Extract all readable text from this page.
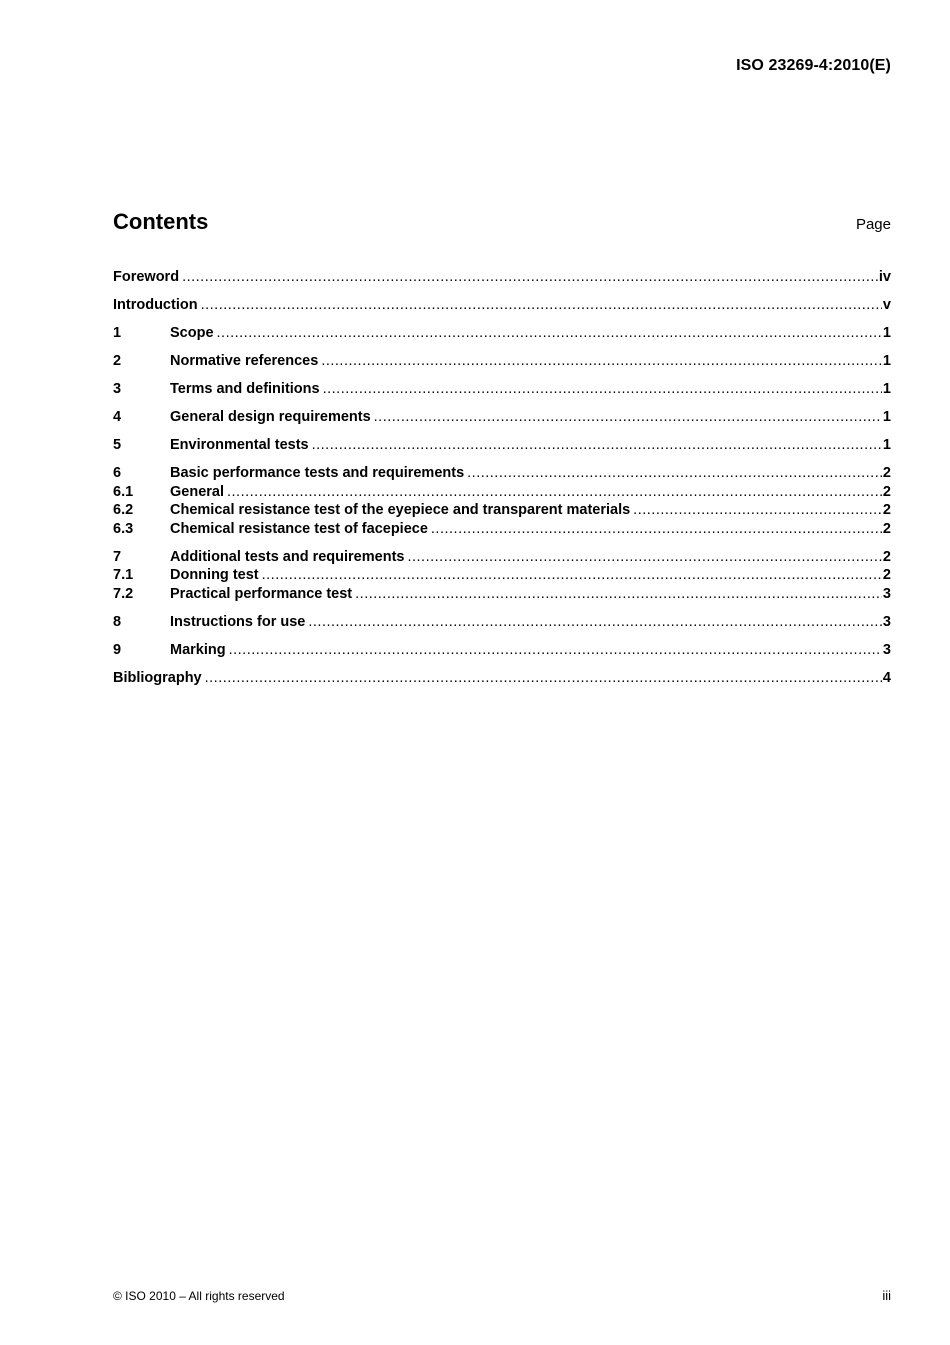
ISO 23269-4:2010(E)
Contents	Page
Foreword .....	iv
Introduction .....	v
1	Scope .....	1
2	Normative references .....	1
3	Terms and definitions .....	1
4	General design requirements .....	1
5	Environmental tests .....	1
6	Basic performance tests and requirements .....	2
6.1	General .....	2
6.2	Chemical resistance test of the eyepiece and transparent materials .....	2
6.3	Chemical resistance test of facepiece .....	2
7	Additional tests and requirements .....	2
7.1	Donning test .....	2
7.2	Practical performance test .....	3
8	Instructions for use .....	3
9	Marking .....	3
Bibliography .....	4
© ISO 2010 – All rights reserved	iii
